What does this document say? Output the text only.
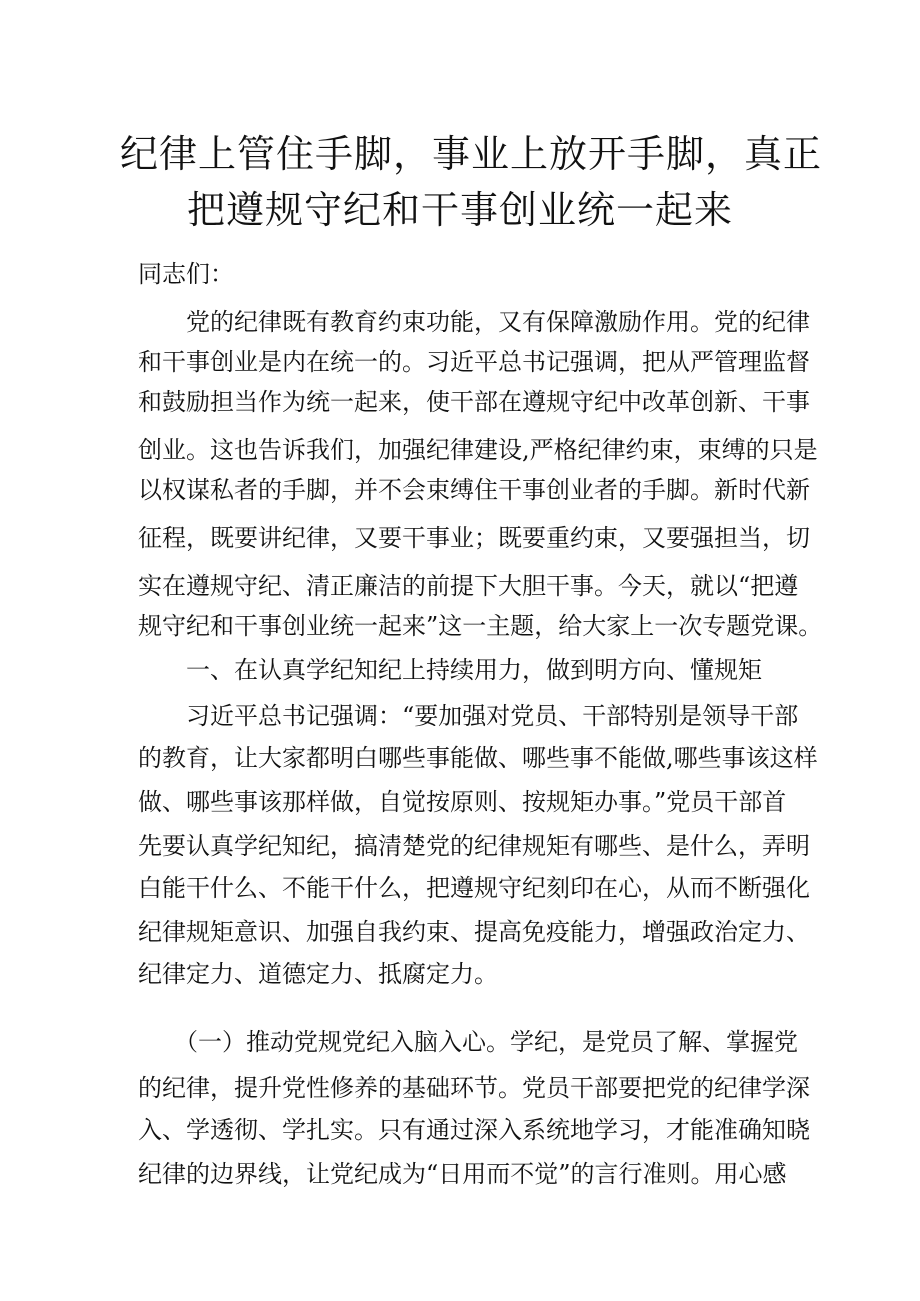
纪律上管住手脚，事业上放开手脚，真正
把遵规守纪和干事创业统一起来
同志们：
　　党的纪律既有教育约束功能，又有保障激励作用。党的纪律
和干事创业是内在统一的。习近平总书记强调，把从严管理监督
和鼓励担当作为统一起来，使干部在遵规守纪中改革创新、干事
创业。这也告诉我们，加强纪律建设,严格纪律约束，束缚的只是
以权谋私者的手脚，并不会束缚住干事创业者的手脚。新时代新
征程，既要讲纪律，又要干事业；既要重约束，又要强担当，切
实在遵规守纪、清正廉洁的前提下大胆干事。今天，就以“把遵
规守纪和干事创业统一起来”这一主题，给大家上一次专题党课。
　　一、在认真学纪知纪上持续用力，做到明方向、懂规矩
　　习近平总书记强调：“要加强对党员、干部特别是领导干部
的教育，让大家都明白哪些事能做、哪些事不能做,哪些事该这样
做、哪些事该那样做，自觉按原则、按规矩办事。”党员干部首
先要认真学纪知纪，搞清楚党的纪律规矩有哪些、是什么，弄明
白能干什么、不能干什么，把遵规守纪刻印在心，从而不断强化
纪律规矩意识、加强自我约束、提高免疫能力，增强政治定力、
纪律定力、道德定力、抵腐定力。
　　（一）推动党规党纪入脑入心。学纪，是党员了解、掌握党
的纪律，提升党性修养的基础环节。党员干部要把党的纪律学深
入、学透彻、学扎实。只有通过深入系统地学习，才能准确知晓
纪律的边界线，让党纪成为“日用而不觉”的言行准则。用心感
